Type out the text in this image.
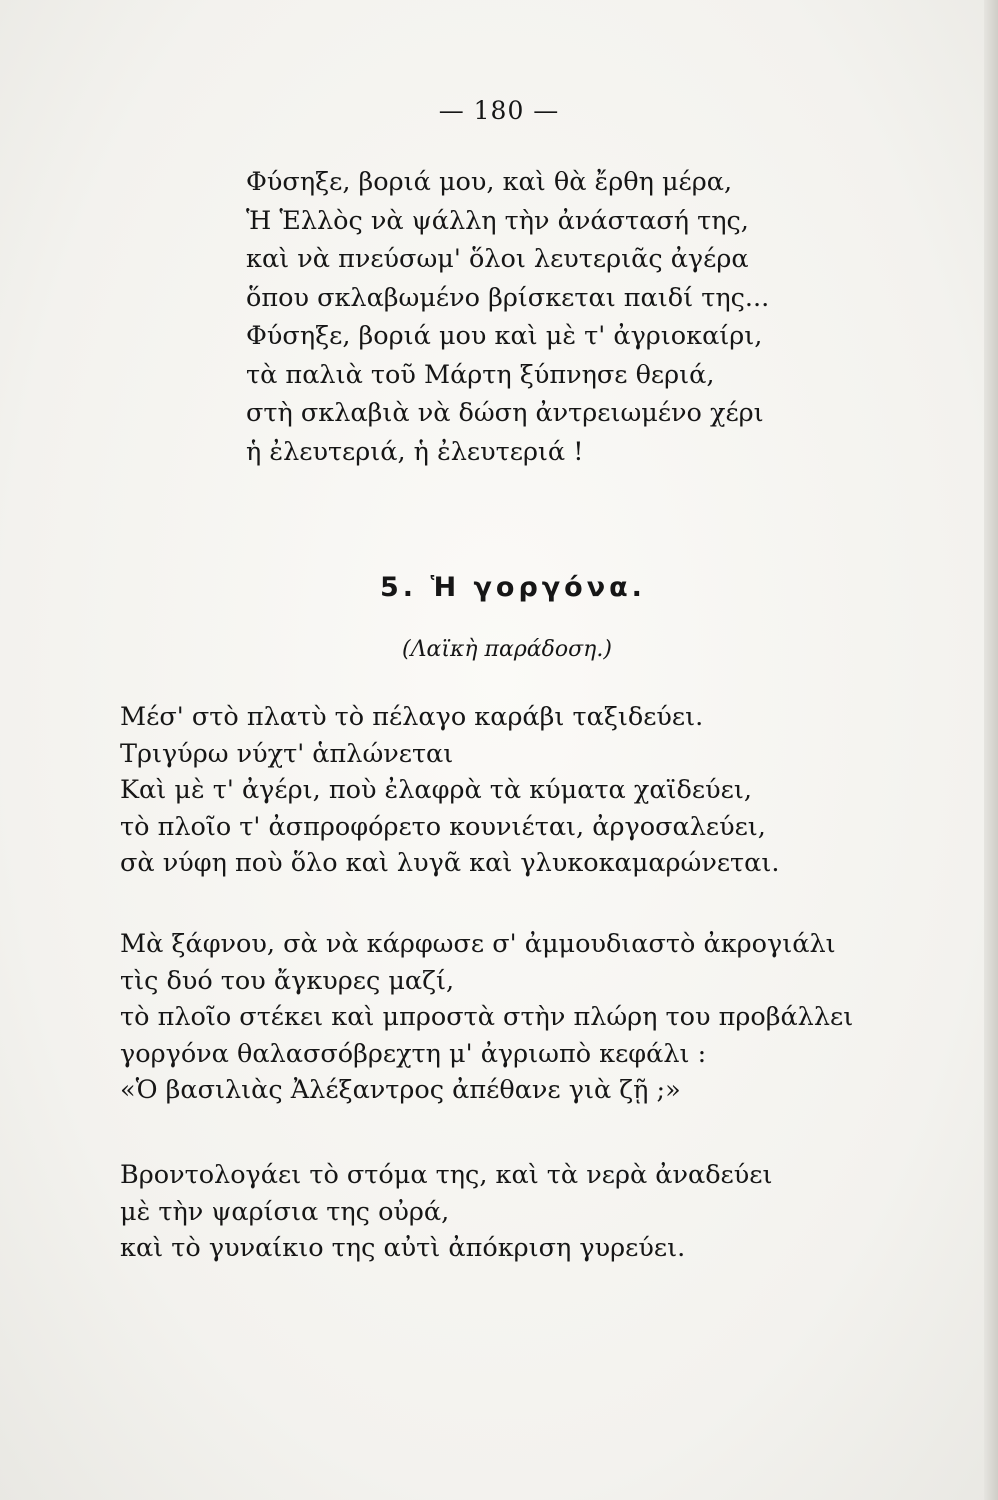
— 180 —
Φύσηξε, βοριά μου, καὶ θὰ ἔρθη μέρα,
Ἡ Ἑλλὸς νὰ ψάλλη τὴν ἀνάστασή της,
καὶ νὰ πνεύσωμ' ὅλοι λευτεριᾶς ἀγέρα
ὅπου σκλαβωμένο βρίσκεται παιδί της...
Φύσηξε, βοριά μου καὶ μὲ τ' ἀγριοκαίρι,
τὰ παλιὰ τοῦ Μάρτη ξύπνησε θεριά,
στὴ σκλαβιὰ νὰ δώση ἀντρειωμένο χέρι
ἡ ἐλευτεριά, ἡ ἐλευτεριά !
5. Ἡ γοργόνα.
(Λαϊκὴ παράδοση.)
Μέσ' στὸ πλατὺ τὸ πέλαγο καράβι ταξιδεύει.
Τριγύρω νύχτ' ἁπλώνεται
Καὶ μὲ τ' ἀγέρι, ποὺ ἐλαφρὰ τὰ κύματα χαϊδεύει,
τὸ πλοῖο τ' ἀσπροφόρετο κουνιέται, ἀργοσαλεύει,
σὰ νύφη ποὺ ὅλο καὶ λυγᾶ καὶ γλυκοκαμαρώνεται.
Μὰ ξάφνου, σὰ νὰ κάρφωσε σ' ἀμμουδιαστὸ ἀκρογιάλι
τὶς δυό του ἄγκυρες μαζί,
τὸ πλοῖο στέκει καὶ μπροστὰ στὴν πλώρη του προβάλλει
γοργόνα θαλασσόβρεχτη μ' ἀγριωπὸ κεφάλι :
«Ὁ βασιλιὰς Ἀλέξαντρος ἀπέθανε γιὰ ζῇ ;»
Βροντολογάει τὸ στόμα της, καὶ τὰ νερὰ ἀναδεύει
μὲ τὴν ψαρίσια της οὐρά,
καὶ τὸ γυναίκιο της αὐτὶ ἀπόκριση γυρεύει.
